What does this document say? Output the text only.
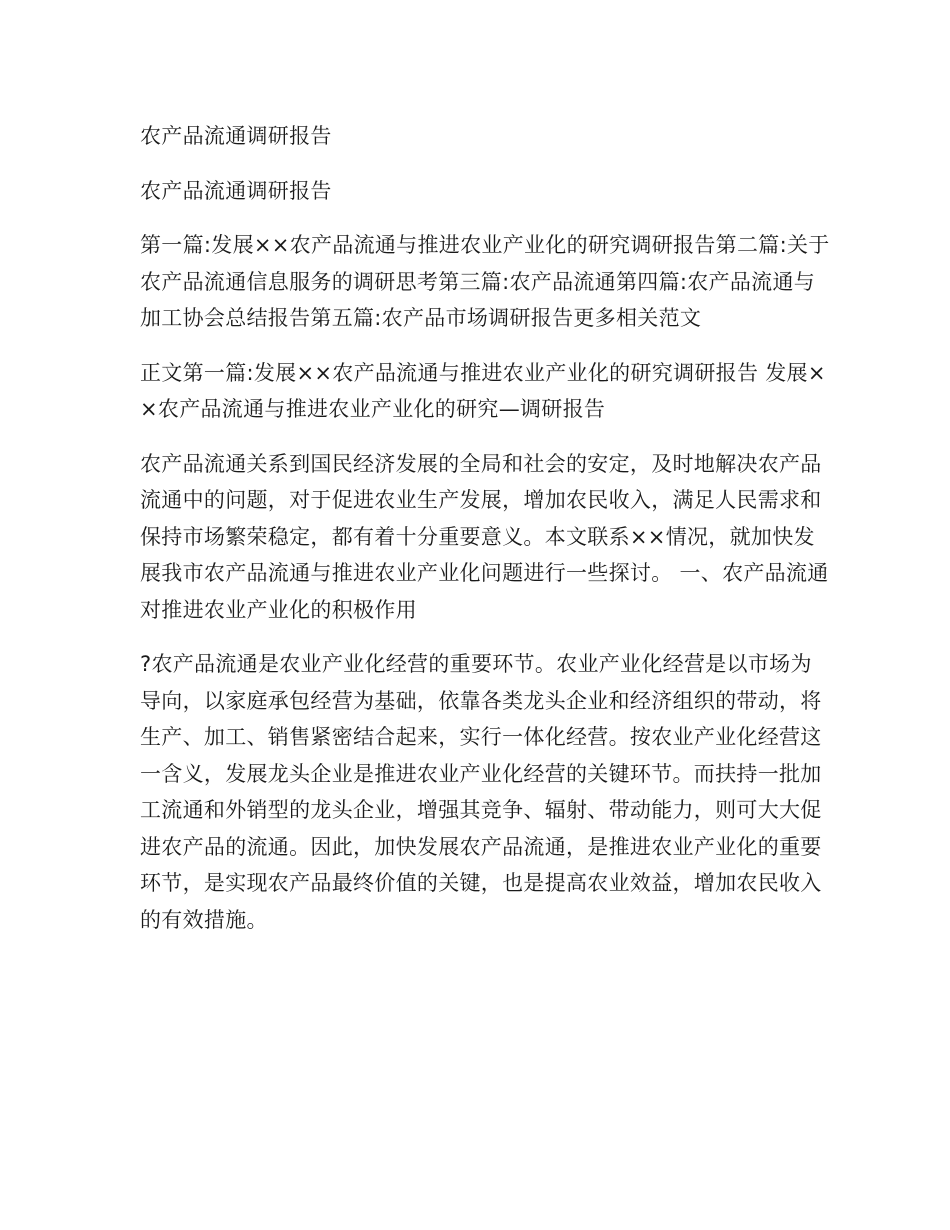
农产品流通调研报告

农产品流通调研报告

第一篇:发展××农产品流通与推进农业产业化的研究调研报告第二篇:关于农产品流通信息服务的调研思考第三篇:农产品流通第四篇:农产品流通与加工协会总结报告第五篇:农产品市场调研报告更多相关范文

正文第一篇:发展××农产品流通与推进农业产业化的研究调研报告 发展××农产品流通与推进农业产业化的研究—调研报告

农产品流通关系到国民经济发展的全局和社会的安定，及时地解决农产品流通中的问题，对于促进农业生产发展，增加农民收入，满足人民需求和保持市场繁荣稳定，都有着十分重要意义。本文联系××情况，就加快发展我市农产品流通与推进农业产业化问题进行一些探讨。 一、农产品流通对推进农业产业化的积极作用

?农产品流通是农业产业化经营的重要环节。农业产业化经营是以市场为导向，以家庭承包经营为基础，依靠各类龙头企业和经济组织的带动，将生产、加工、销售紧密结合起来，实行一体化经营。按农业产业化经营这一含义，发展龙头企业是推进农业产业化经营的关键环节。而扶持一批加工流通和外销型的龙头企业，增强其竞争、辐射、带动能力，则可大大促进农产品的流通。因此，加快发展农产品流通，是推进农业产业化的重要环节，是实现农产品最终价值的关键，也是提高农业效益，增加农民收入的有效措施。
